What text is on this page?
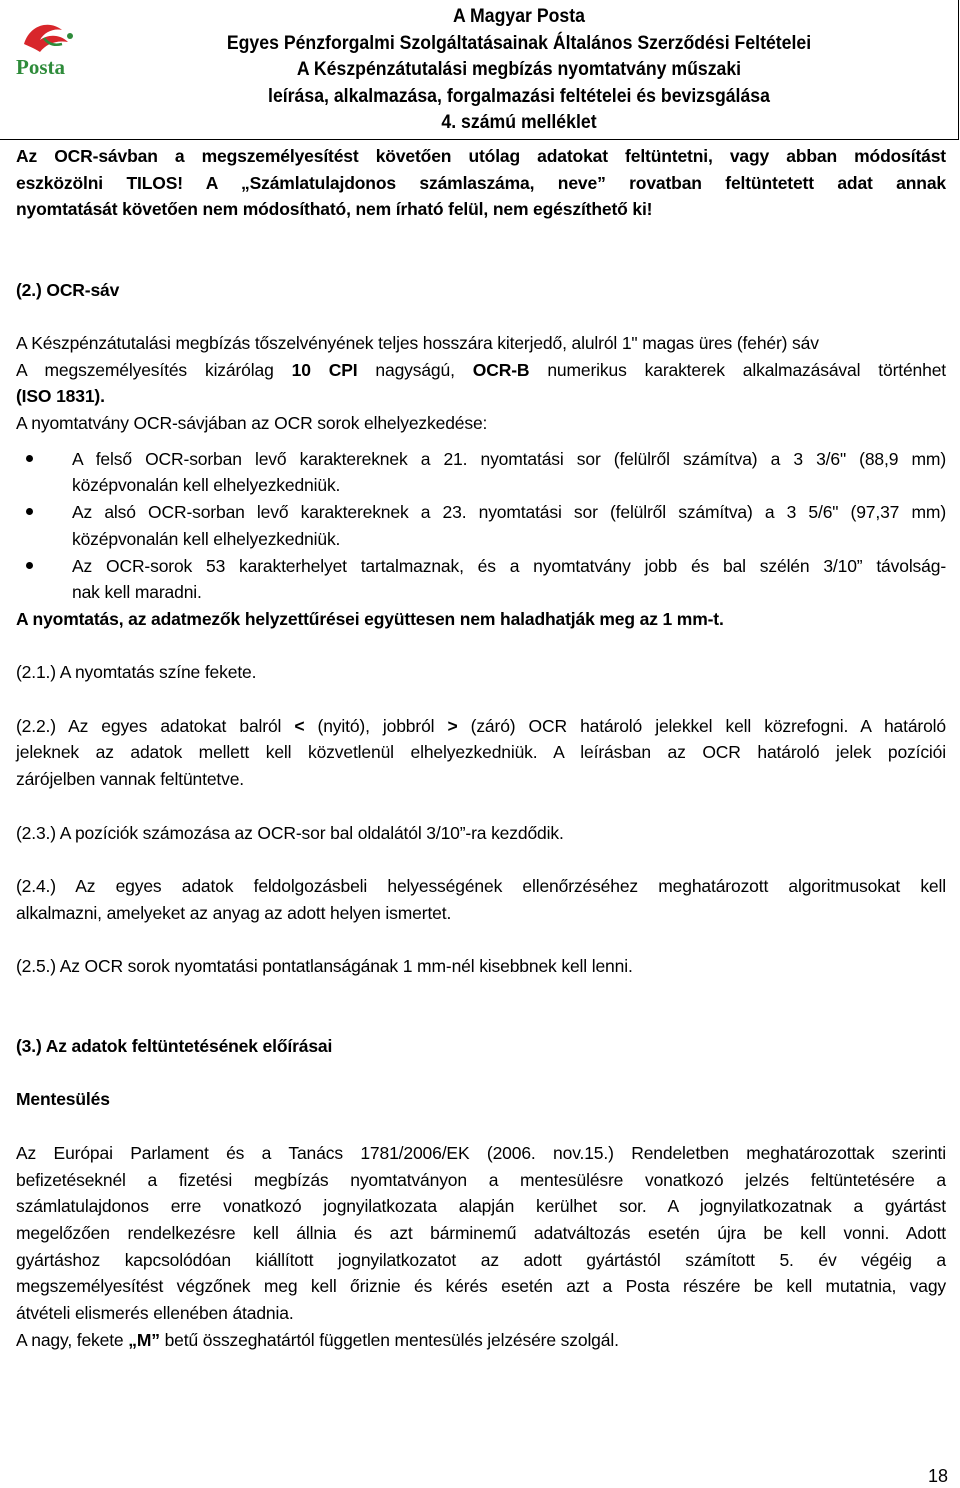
Posta
A Magyar Posta
Egyes Pénzforgalmi Szolgáltatásainak Általános Szerződési Feltételei
A Készpénzátutalási megbízás nyomtatvány műszaki
leírása, alkalmazása, forgalmazási feltételei és bevizsgálása
4. számú melléklet

Az OCR-sávban a megszemélyesítést követően utólag adatokat feltüntetni, vagy abban módosítást

eszközölni TILOS! A „Számlatulajdonos számlaszáma, neve” rovatban feltüntetett adat annak

nyomtatását követően nem módosítható, nem írható felül, nem egészíthető ki!

(2.) OCR-sáv

A Készpénzátutalási megbízás tőszelvényének teljes hosszára kiterjedő, alulról 1" magas üres (fehér) sáv

A megszemélyesítés kizárólag 10 CPI nagyságú, OCR-B numerikus karakterek alkalmazásával történhet

(ISO 1831).

A nyomtatvány OCR-sávjában az OCR sorok elhelyezkedése:

A felső OCR-sorban levő karaktereknek a 21. nyomtatási sor (felülről számítva) a 3 3/6" (88,9 mm)

középvonalán kell elhelyezkedniük.

Az alsó OCR-sorban levő karaktereknek a 23. nyomtatási sor (felülről számítva) a 3 5/6" (97,37 mm)

középvonalán kell elhelyezkedniük.

Az OCR-sorok 53 karakterhelyet tartalmaznak, és a nyomtatvány jobb és bal szélén 3/10” távolság-

nak kell maradni.

A nyomtatás, az adatmezők helyzettűrései együttesen nem haladhatják meg az 1 mm-t.

(2.1.) A nyomtatás színe fekete.

(2.2.) Az egyes adatokat balról < (nyitó), jobbról > (záró) OCR határoló jelekkel kell közrefogni. A határoló

jeleknek az adatok mellett kell közvetlenül elhelyezkedniük. A leírásban az OCR határoló jelek pozíciói

zárójelben vannak feltüntetve.

(2.3.) A pozíciók számozása az OCR-sor bal oldalától 3/10”-ra kezdődik.

(2.4.) Az egyes adatok feldolgozásbeli helyességének ellenőrzéséhez meghatározott algoritmusokat kell

alkalmazni, amelyeket az anyag az adott helyen ismertet.

(2.5.) Az OCR sorok nyomtatási pontatlanságának 1 mm-nél kisebbnek kell lenni.

(3.) Az adatok feltüntetésének előírásai

Mentesülés

Az Európai Parlament és a Tanács 1781/2006/EK (2006. nov.15.) Rendeletben meghatározottak szerinti

befizetéseknél a fizetési megbízás nyomtatványon a mentesülésre vonatkozó jelzés feltüntetésére a

számlatulajdonos erre vonatkozó jognyilatkozata alapján kerülhet sor. A jognyilatkozatnak a gyártást

megelőzően rendelkezésre kell állnia és azt bárminemű adatváltozás esetén újra be kell vonni. Adott

gyártáshoz kapcsolódóan kiállított jognyilatkozatot az adott gyártástól számított 5. év végéig a

megszemélyesítést végzőnek meg kell őriznie és kérés esetén azt a Posta részére be kell mutatnia, vagy

átvételi elismerés ellenében átadnia.

A nagy, fekete „M” betű összeghatártól független mentesülés jelzésére szolgál.

18
